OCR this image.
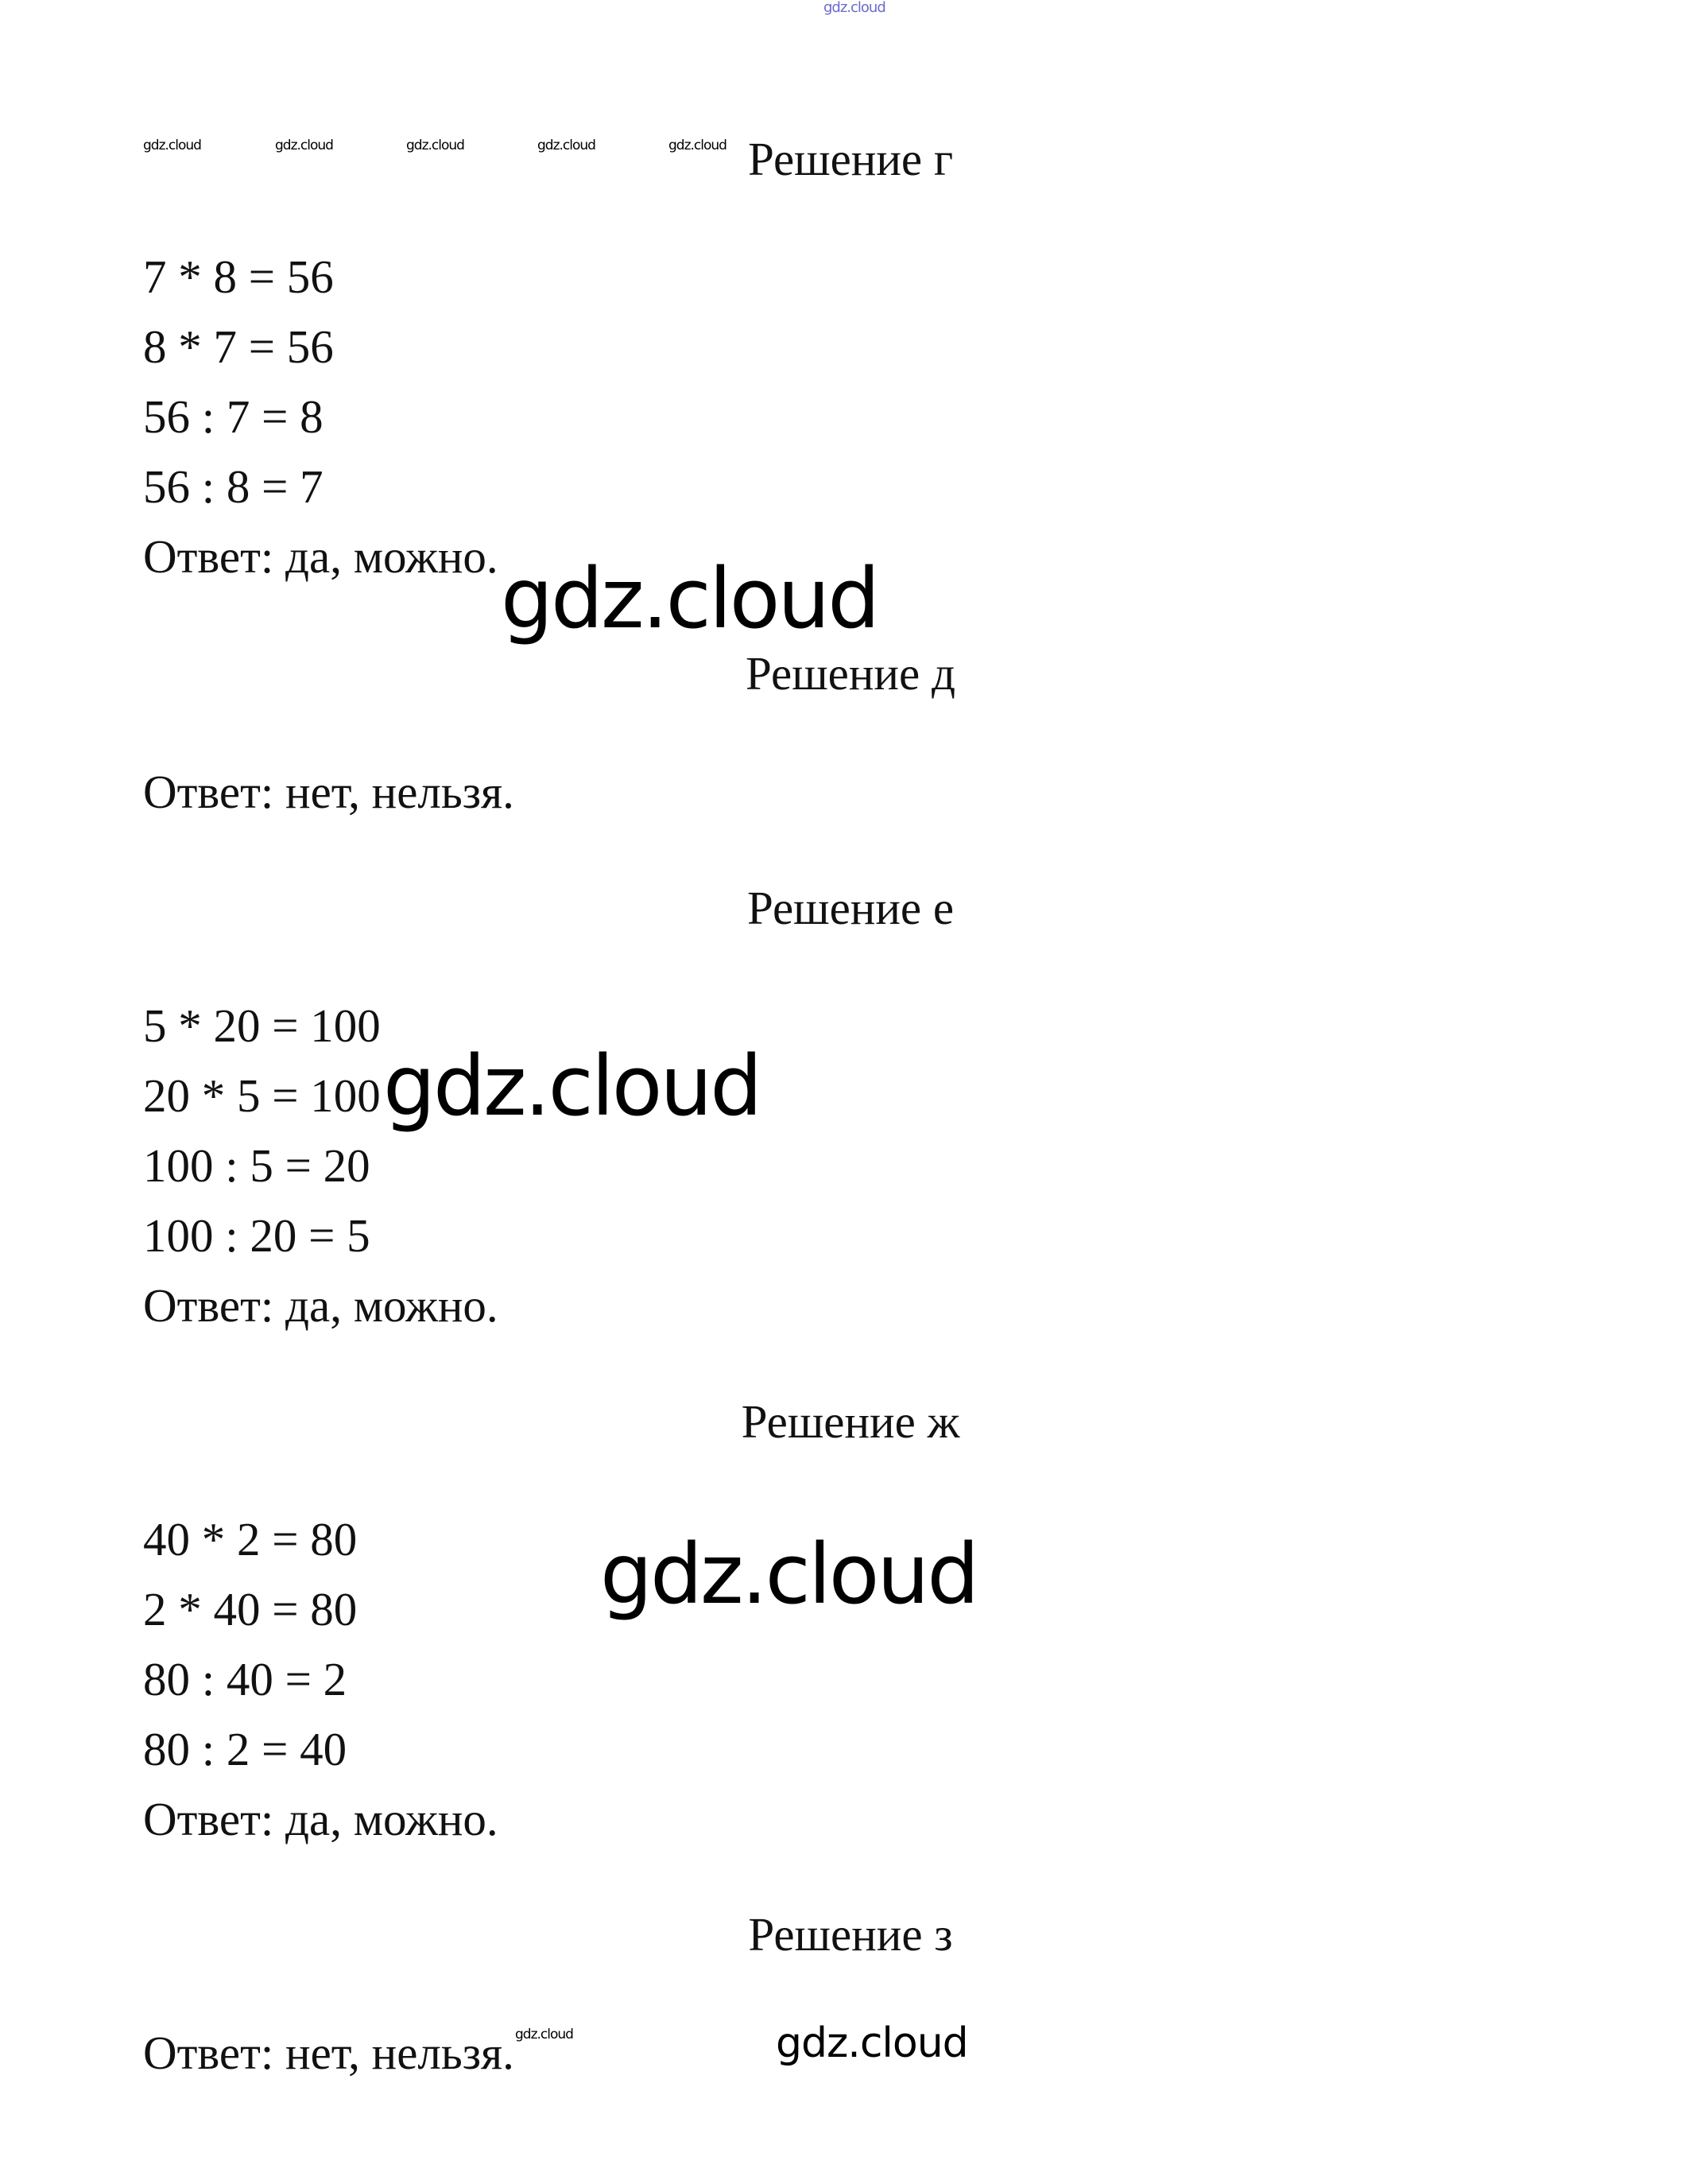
gdz.cloud
gdz.cloud	gdz.cloud	gdz.cloud	gdz.cloud	gdz.cloud Решение г
7 * 8 = 56
8 * 7 = 56
56 : 7 = 8
56 : 8 = 7
Ответ: да, можно. gdz.cloud
Решение д
Ответ: нет, нельзя.
Решение е
5 * 20 = 100
20 * 5 = 100
100 : 5 = 20
100 : 20 = 5
Ответ: да, можно.
gdz.cloud
Решение ж
40 * 2 = 80
2 * 40 = 80
80 : 40 = 2
80 : 2 = 40
Ответ: да, можно.
gdz.cloud
Решение з
Ответ: нет, нельзя. gdz.cloud	gdz.cloud
